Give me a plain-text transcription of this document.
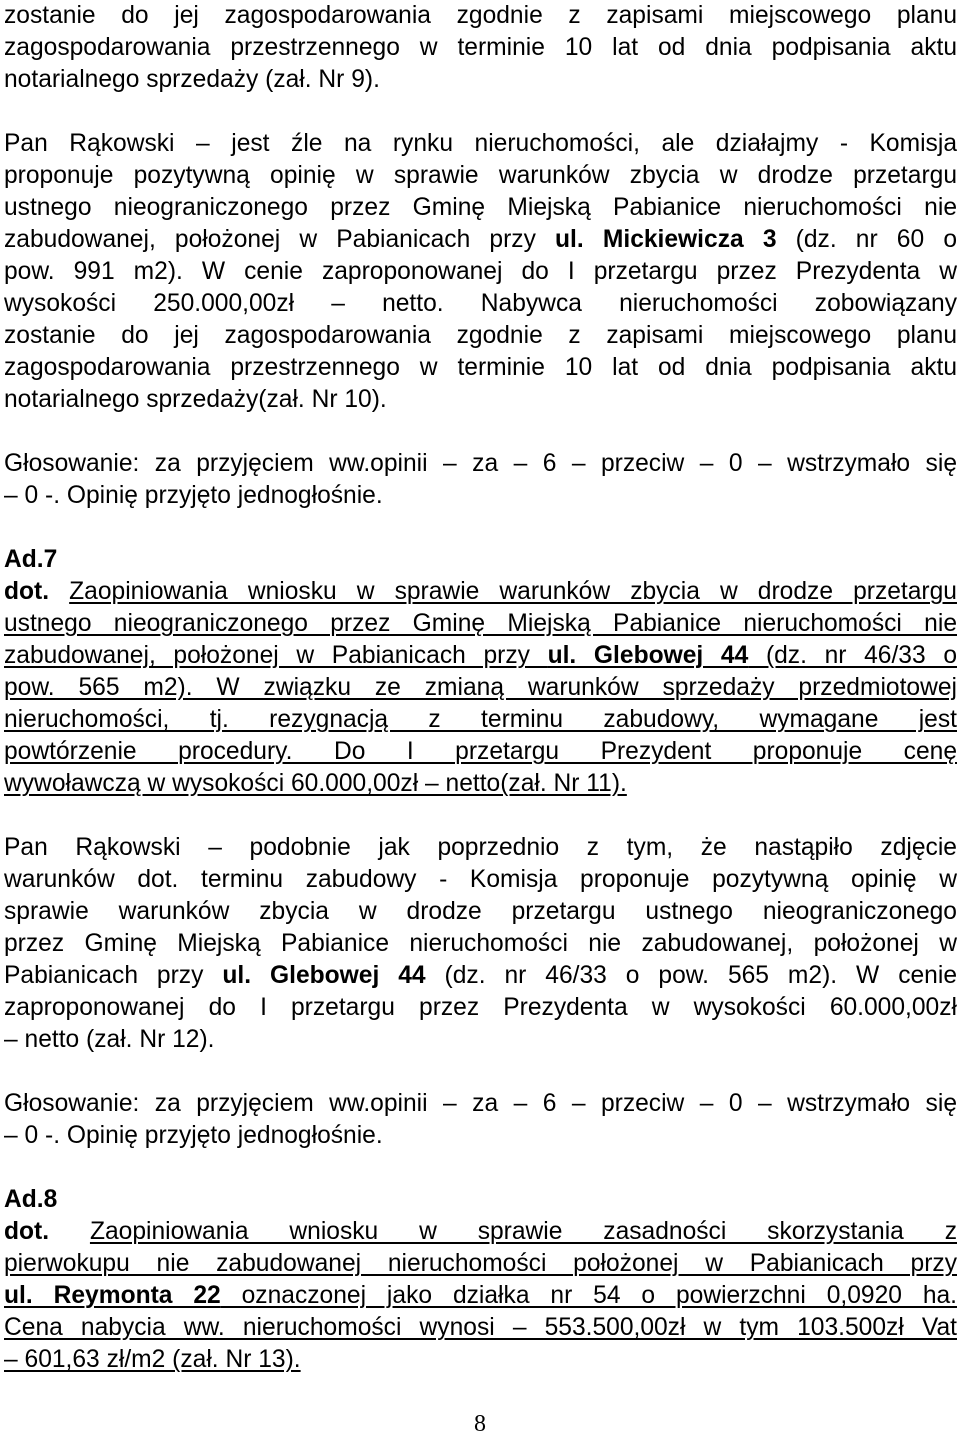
zostanie do jej zagospodarowania zgodnie z zapisami miejscowego planu
zagospodarowania przestrzennego w terminie 10 lat od dnia podpisania aktu
notarialnego sprzedaży (zał. Nr 9).
Pan Rąkowski – jest źle na rynku nieruchomości, ale działajmy - Komisja
proponuje pozytywną opinię w sprawie warunków zbycia w drodze przetargu
ustnego nieograniczonego przez Gminę Miejską Pabianice nieruchomości nie
zabudowanej, położonej w Pabianicach przy ul. Mickiewicza 3 (dz. nr 60 o
pow. 991 m2). W cenie zaproponowanej do I przetargu przez Prezydenta w
wysokości 250.000,00zł – netto. Nabywca nieruchomości zobowiązany
zostanie do jej zagospodarowania zgodnie z zapisami miejscowego planu
zagospodarowania przestrzennego w terminie 10 lat od dnia podpisania aktu
notarialnego sprzedaży(zał. Nr 10).
Głosowanie: za przyjęciem ww.opinii – za – 6 – przeciw – 0 – wstrzymało się
– 0 -. Opinię przyjęto jednogłośnie.
Ad.7
dot. Zaopiniowania wniosku w sprawie warunków zbycia w drodze przetargu
ustnego nieograniczonego przez Gminę Miejską Pabianice nieruchomości nie
zabudowanej, położonej w Pabianicach przy ul. Glebowej 44 (dz. nr 46/33 o
pow. 565 m2). W związku ze zmianą warunków sprzedaży przedmiotowej
nieruchomości, tj. rezygnacją z terminu zabudowy, wymagane jest
powtórzenie procedury. Do I przetargu Prezydent proponuje cenę
wywoławczą w wysokości 60.000,00zł – netto(zał. Nr 11).
Pan Rąkowski – podobnie jak poprzednio z tym, że nastąpiło zdjęcie
warunków dot. terminu zabudowy - Komisja proponuje pozytywną opinię w
sprawie warunków zbycia w drodze przetargu ustnego nieograniczonego
przez Gminę Miejską Pabianice nieruchomości nie zabudowanej, położonej w
Pabianicach przy ul. Glebowej 44 (dz. nr 46/33 o pow. 565 m2). W cenie
zaproponowanej do I przetargu przez Prezydenta w wysokości 60.000,00zł
– netto (zał. Nr 12).
Głosowanie: za przyjęciem ww.opinii – za – 6 – przeciw – 0 – wstrzymało się
– 0 -. Opinię przyjęto jednogłośnie.
Ad.8
dot. Zaopiniowania wniosku w sprawie zasadności skorzystania z
pierwokupu nie zabudowanej nieruchomości położonej w Pabianicach przy
ul. Reymonta 22 oznaczonej jako działka nr 54 o powierzchni 0,0920 ha.
Cena nabycia ww. nieruchomości wynosi – 553.500,00zł w tym 103.500zł Vat
– 601,63 zł/m2 (zał. Nr 13).
8
